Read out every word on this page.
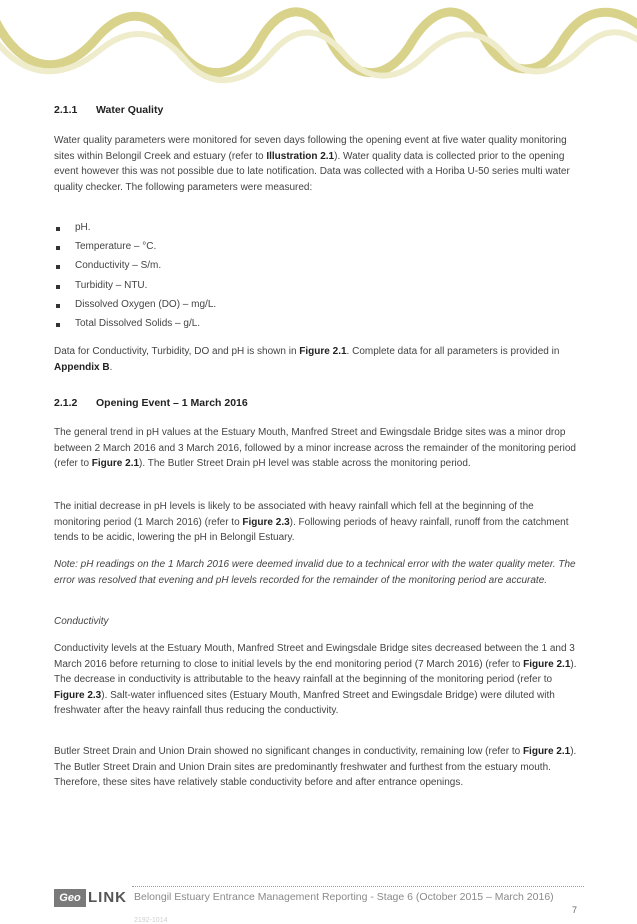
2.1.1 Water Quality

Water quality parameters were monitored for seven days following the opening event at five water quality monitoring sites within Belongil Creek and estuary (refer to Illustration 2.1). Water quality data is collected prior to the opening event however this was not possible due to late notification. Data was collected with a Horiba U-50 series multi water quality checker. The following parameters were measured:

pH.
Temperature – °C.
Conductivity – S/m.
Turbidity – NTU.
Dissolved Oxygen (DO) – mg/L.
Total Dissolved Solids – g/L.

Data for Conductivity, Turbidity, DO and pH is shown in Figure 2.1. Complete data for all parameters is provided in Appendix B.

2.1.2 Opening Event – 1 March 2016

The general trend in pH values at the Estuary Mouth, Manfred Street and Ewingsdale Bridge sites was a minor drop between 2 March 2016 and 3 March 2016, followed by a minor increase across the remainder of the monitoring period (refer to Figure 2.1). The Butler Street Drain pH level was stable across the monitoring period.

The initial decrease in pH levels is likely to be associated with heavy rainfall which fell at the beginning of the monitoring period (1 March 2016) (refer to Figure 2.3). Following periods of heavy rainfall, runoff from the catchment tends to be acidic, lowering the pH in Belongil Estuary.

Note: pH readings on the 1 March 2016 were deemed invalid due to a technical error with the water quality meter. The error was resolved that evening and pH levels recorded for the remainder of the monitoring period are accurate.

Conductivity

Conductivity levels at the Estuary Mouth, Manfred Street and Ewingsdale Bridge sites decreased between the 1 and 3 March 2016 before returning to close to initial levels by the end monitoring period (7 March 2016) (refer to Figure 2.1). The decrease in conductivity is attributable to the heavy rainfall at the beginning of the monitoring period (refer to Figure 2.3). Salt-water influenced sites (Estuary Mouth, Manfred Street and Ewingsdale Bridge) were diluted with freshwater after the heavy rainfall thus reducing the conductivity.

Butler Street Drain and Union Drain showed no significant changes in conductivity, remaining low (refer to Figure 2.1). The Butler Street Drain and Union Drain sites are predominantly freshwater and furthest from the estuary mouth. Therefore, these sites have relatively stable conductivity before and after entrance openings.

Geo LINK Belongil Estuary Entrance Management Reporting - Stage 6 (October 2015 – March 2016)
2192-1014
7
